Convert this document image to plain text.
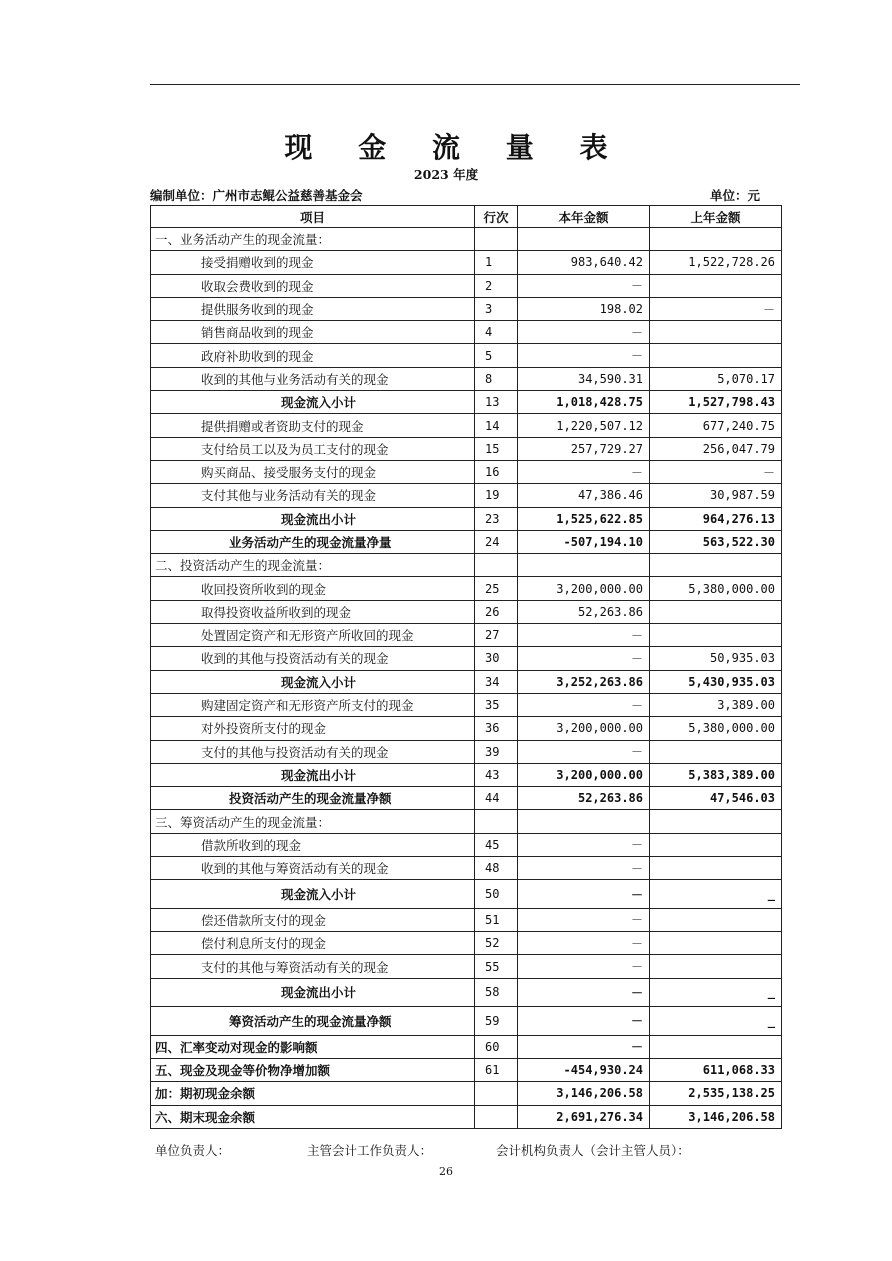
现 金 流 量 表
2023 年度
编制单位：广州市志鲲公益慈善基金会	单位：元
项目	行次	本年金额	上年金额
一、业务活动产生的现金流量：			
接受捐赠收到的现金	1	983,640.42	1,522,728.26
收取会费收到的现金	2	－	
提供服务收到的现金	3	198.02	－
销售商品收到的现金	4	－	
政府补助收到的现金	5	－	
收到的其他与业务活动有关的现金	8	34,590.31	5,070.17
现金流入小计	13	1,018,428.75	1,527,798.43
提供捐赠或者资助支付的现金	14	1,220,507.12	677,240.75
支付给员工以及为员工支付的现金	15	257,729.27	256,047.79
购买商品、接受服务支付的现金	16	－	－
支付其他与业务活动有关的现金	19	47,386.46	30,987.59
现金流出小计	23	1,525,622.85	964,276.13
业务活动产生的现金流量净量	24	-507,194.10	563,522.30
二、投资活动产生的现金流量：			
收回投资所收到的现金	25	3,200,000.00	5,380,000.00
取得投资收益所收到的现金	26	52,263.86	
处置固定资产和无形资产所收回的现金	27	－	
收到的其他与投资活动有关的现金	30	－	50,935.03
现金流入小计	34	3,252,263.86	5,430,935.03
购建固定资产和无形资产所支付的现金	35	－	3,389.00
对外投资所支付的现金	36	3,200,000.00	5,380,000.00
支付的其他与投资活动有关的现金	39	－	
现金流出小计	43	3,200,000.00	5,383,389.00
投资活动产生的现金流量净额	44	52,263.86	47,546.03
三、筹资活动产生的现金流量：			
借款所收到的现金	45	－	
收到的其他与筹资活动有关的现金	48	－	
现金流入小计	50	－	_
偿还借款所支付的现金	51	－	
偿付利息所支付的现金	52	－	
支付的其他与筹资活动有关的现金	55	－	
现金流出小计	58	－	_
筹资活动产生的现金流量净额	59	－	_
四、汇率变动对现金的影响额	60	－	
五、现金及现金等价物净增加额	61	-454,930.24	611,068.33
加：期初现金余额		3,146,206.58	2,535,138.25
六、期末现金余额		2,691,276.34	3,146,206.58
单位负责人：	主管会计工作负责人：	会计机构负责人（会计主管人员）：
26
